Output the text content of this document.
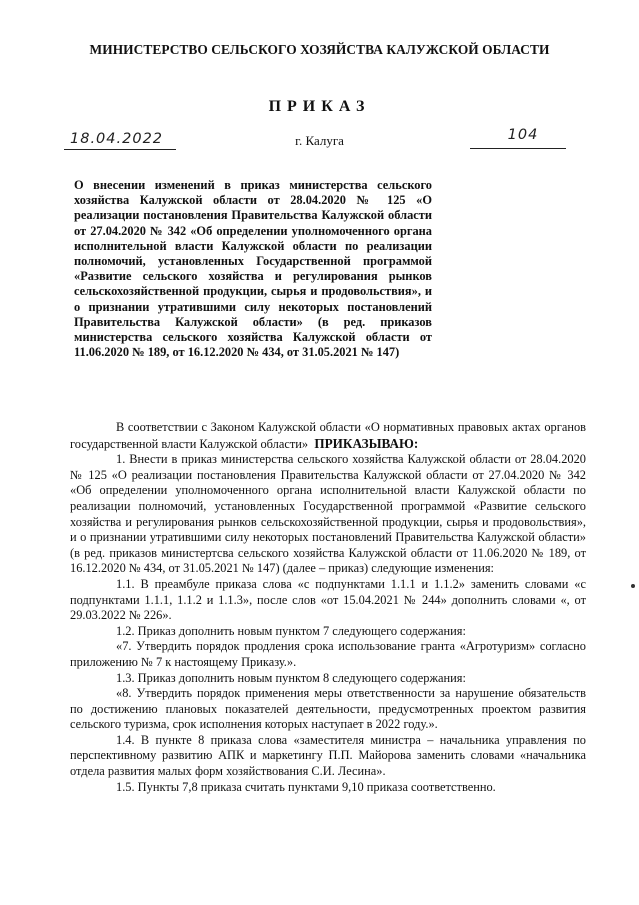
МИНИСТЕРСТВО СЕЛЬСКОГО ХОЗЯЙСТВА КАЛУЖСКОЙ ОБЛАСТИ
ПРИКАЗ
18.04.2022	г. Калуга	104
О внесении изменений в приказ министерства сельского хозяйства Калужской области от 28.04.2020 № 125 «О реализации постановления Правительства Калужской области от 27.04.2020 № 342 «Об определении уполномоченного органа исполнительной власти Калужской области по реализации полномочий, установленных Государственной программой «Развитие сельского хозяйства и регулирования рынков сельскохозяйственной продукции, сырья и продовольствия», и о признании утратившими силу некоторых постановлений Правительства Калужской области» (в ред. приказов министерства сельского хозяйства Калужской области от 11.06.2020 № 189, от 16.12.2020 № 434, от 31.05.2021 № 147)

В соответствии с Законом Калужской области «О нормативных правовых актах органов государственной власти Калужской области» ПРИКАЗЫВАЮ:

1. Внести в приказ министерства сельского хозяйства Калужской области от 28.04.2020 № 125 «О реализации постановления Правительства Калужской области от 27.04.2020 № 342 «Об определении уполномоченного органа исполнительной власти Калужской области по реализации полномочий, установленных Государственной программой «Развитие сельского хозяйства и регулирования рынков сельскохозяйственной продукции, сырья и продовольствия», и о признании утратившими силу некоторых постановлений Правительства Калужской области» (в ред. приказов министертсва сельского хозяйства Калужской области от 11.06.2020 № 189, от 16.12.2020 № 434, от 31.05.2021 № 147) (далее – приказ) следующие изменения:

1.1. В преамбуле приказа слова «с подпунктами 1.1.1 и 1.1.2» заменить словами «с подпунктами 1.1.1, 1.1.2 и 1.1.3», после слов «от 15.04.2021 № 244» дополнить словами «, от 29.03.2022 № 226».

1.2. Приказ дополнить новым пунктом 7 следующего содержания:

«7. Утвердить порядок продления срока использование гранта «Агротуризм» согласно приложению № 7 к настоящему Приказу.».

1.3. Приказ дополнить новым пунктом 8 следующего содержания:

«8. Утвердить порядок применения меры ответственности за нарушение обязательств по достижению плановых показателей деятельности, предусмотренных проектом развития сельского туризма, срок исполнения которых наступает в 2022 году.».

1.4. В пункте 8 приказа слова «заместителя министра – начальника управления по перспективному развитию АПК и маркетингу П.П. Майорова заменить словами «начальника отдела развития малых форм хозяйствования С.И. Лесина».

1.5. Пункты 7,8 приказа считать пунктами 9,10 приказа соответственно.
